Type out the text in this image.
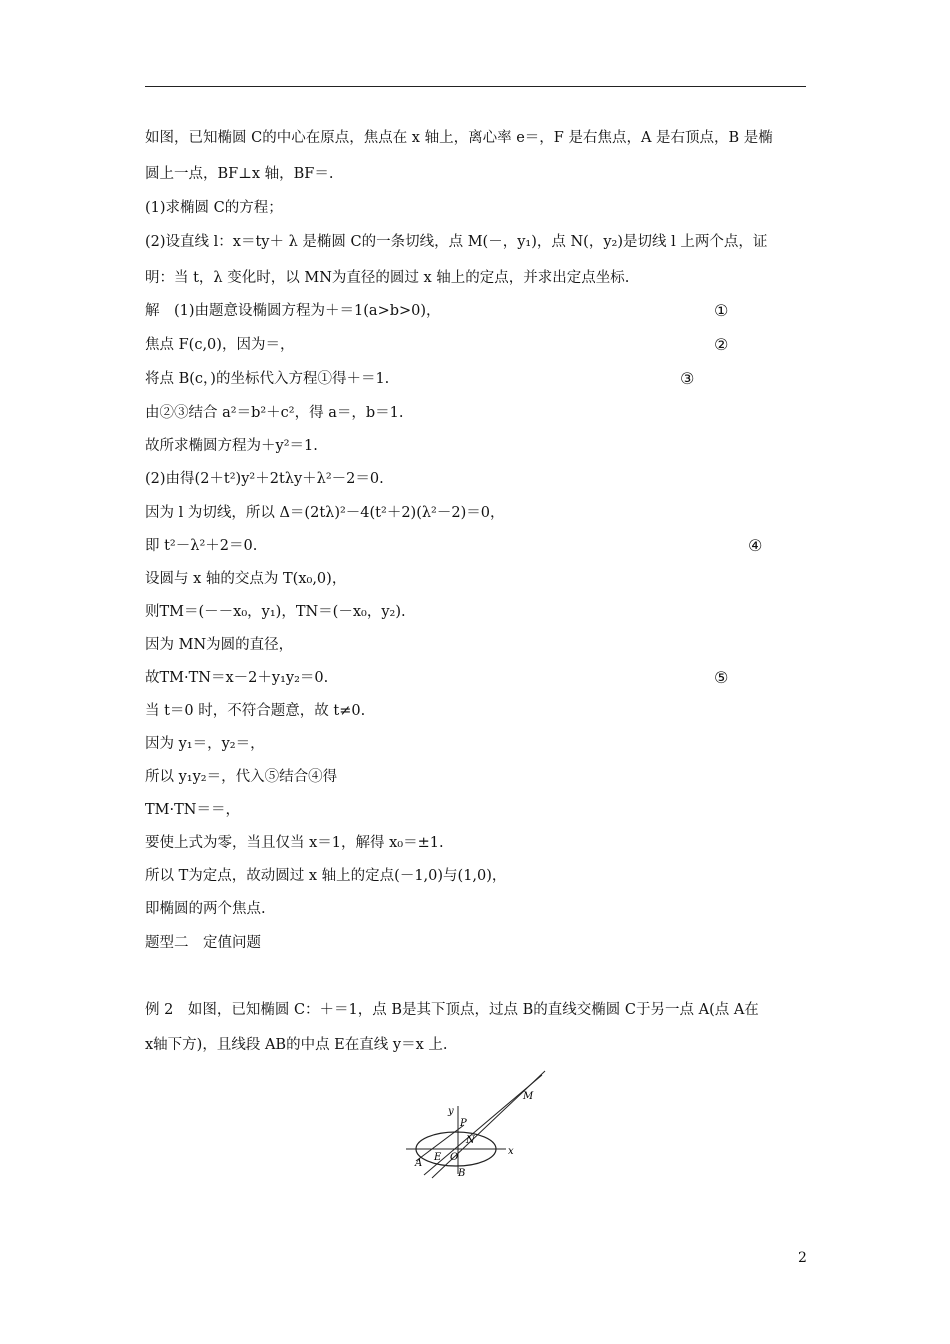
如图，已知椭圆 C的中心在原点，焦点在 x 轴上，离心率 e＝，F 是右焦点，A 是右顶点，B 是椭
圆上一点，BF⊥x 轴，BF＝.
(1)求椭圆 C的方程；
(2)设直线 l：x＝ty＋ λ 是椭圆 C的一条切线，点 M(－，y₁)，点 N(，y₂)是切线 l 上两个点，证
明：当 t，λ 变化时，以 MN为直径的圆过 x 轴上的定点，并求出定点坐标.
解　(1)由题意设椭圆方程为＋＝1(a>b>0)，	①
焦点 F(c,0)，因为＝，	②
将点 B(c，)的坐标代入方程①得＋＝1.	③
由②③结合 a²＝b²＋c²，得 a＝，b＝1.
故所求椭圆方程为＋y²＝1.
(2)由得(2＋t²)y²＋2tλy＋λ²－2＝0.
因为 l 为切线，所以 Δ＝(2tλ)²－4(t²＋2)(λ²－2)＝0，
即 t²－λ²＋2＝0.	④
设圆与 x 轴的交点为 T(x₀,0)，
则TM＝(－－x₀，y₁)，TN＝(－x₀，y₂).
因为 MN为圆的直径，
故TM·TN＝x－2＋y₁y₂＝0.	⑤
当 t＝0 时，不符合题意，故 t≠0.
因为 y₁＝，y₂＝，
所以 y₁y₂＝，代入⑤结合④得
TM·TN＝＝，
要使上式为零，当且仅当 x＝1，解得 x₀＝±1.
所以 T为定点，故动圆过 x 轴上的定点(－1,0)与(1,0)，
即椭圆的两个焦点.
题型二　定值问题
例 2　如图，已知椭圆 C：＋＝1，点 B是其下顶点，过点 B的直线交椭圆 C于另一点 A(点 A在
x轴下方)，且线段 AB的中点 E在直线 y＝x 上.
y
x
M
P
N
A
E O
B
2
